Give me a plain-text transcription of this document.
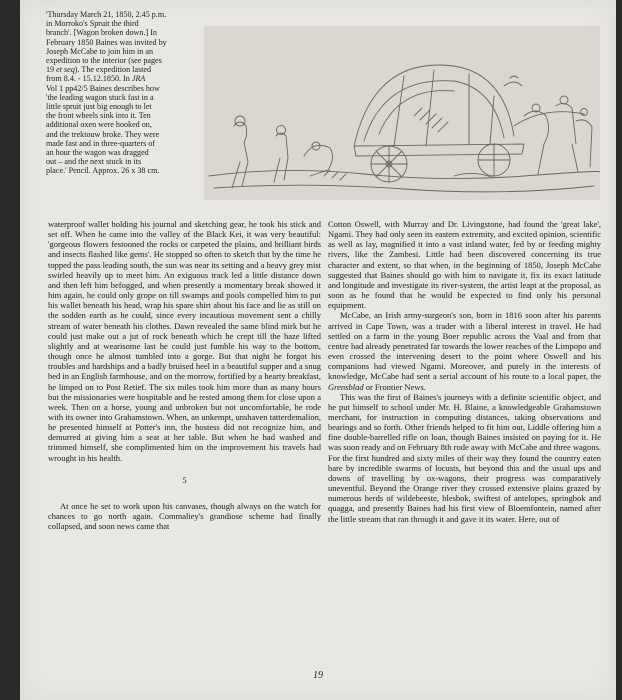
'Thursday March 21, 1850, 2.45 p.m.
in Morroko's Spruit the third
branch'. [Wagon broken down.] In
February 1850 Baines was invited by
Joseph McCabe to join him in an
expedition to the interior (see pages
19 et seq). The expedition lasted
from 8.4. - 15.12.1850. In JRA
Vol 1 pp42/5 Baines describes how
'the leading wagon stuck fast in a
little spruit just big enough to let
the front wheels sink into it. Ten
additional oxen were hooked on,
and the trektouw broke. They were
made fast and in three-quarters of
an hour the wagon was dragged
out – and the next stuck in its
place.' Pencil. Approx. 26 x 38 cm.

waterproof wallet holding his journal and sketching gear, he took his stick and set off. When he came into the valley of the Black Kei, it was very beautiful: 'gorgeous flowers festooned the rocks or carpeted the plains, and brilliant birds and insects flashed like gems'. He stopped so often to sketch that by the time he topped the pass leading south, the sun was near its setting and a heavy grey mist swirled heavily up to meet him. An exiguous track led a little distance down and then left him befogged, and when presently a momentary break showed it him again, he could only grope on till swamps and pools compelled him to put his wallet beneath his head, wrap his spare shirt about his face and lie as still on the sodden earth as he could, since every incautious movement sent a chilly stream of water beneath his clothes. Dawn revealed the same blind mirk but he could just make out a jut of rock beneath which he crept till the haze lifted slightly and at wearisome last he could just fumble his way to the bottom, though once he almost tumbled into a gorge. But that night he forgot his troubles and hardships and a badly bruised heel in a beautiful supper and a snug bed in an English farmhouse, and on the morrow, fortified by a hearty breakfast, he limped on to Post Retief. The six miles took him more than as many hours but the missionaries were hospitable and he rested among them for close upon a week. Then on a horse, young and unbroken but not uncomfortable, he rode with its owner into Grahamstown. When, an unkempt, unshaven tatterdemalion, he presented himself at Potter's inn, the hostess did not recognize him, and demurred at giving him a seat at her table. But when he had washed and trimmed himself, she complimented him on the improvement his travels had wrought in his health.

5

At once he set to work upon his canvases, though always on the watch for chances to go north again. Commaliey's grandiose scheme had finally collapsed, and soon news came that

Cotton Oswell, with Murray and Dr. Livingstone, had found the 'great lake', Ngami. They had only seen its eastern extremity, and excited opinion, scientific as well as lay, magnified it into a vast inland water, fed by or feeding mighty rivers, like the Zambesi. Little had been discovered concerning its true character and extent, so that when, in the beginning of 1850, Joseph McCabe suggested that Baines should go with him to navigate it, fix its exact latitude and longitude and investigate its river-system, the artist leapt at the proposal, as soon as he found that he would be expected to find only his personal equipment.

McCabe, an Irish army-surgeon's son, born in 1816 soon after his parents arrived in Cape Town, was a trader with a liberal interest in travel. He had settled on a farm in the young Boer republic across the Vaal and from that centre had already penetrated far towards the lower reaches of the Limpopo and even crossed the intervening desert to the point where Oswell and his companions had viewed Ngami. Moreover, and purely in the interests of knowledge, McCabe had sent a serial account of his route to a local paper, the Grensblad or Frontier News.

This was the first of Baines's journeys with a definite scientific object, and he put himself to school under Mr. H. Blaine, a knowledgeable Grahamstown merchant, for instruction in computing distances, taking observations and bearings and so forth. Other friends helped to fit him out, Liddle offering him a fine double-barrelled rifle on loan, though Baines insisted on paying for it. He was soon ready and on February 8th rode away with McCabe and three wagons. For the first hundred and sixty miles of their way they found the country eaten bare by incredible swarms of locusts, but beyond this and the usual ups and downs of travelling by ox-wagons, their progress was comparatively uneventful. Beyond the Orange river they crossed extensive plains grazed by numerous herds of wildebeeste, blesbok, swiftest of antelopes, springbok and quagga, and presently Baines had his first view of Bloemfontein, named after the little stream that ran through it and gave it its water. Here, out of

19
